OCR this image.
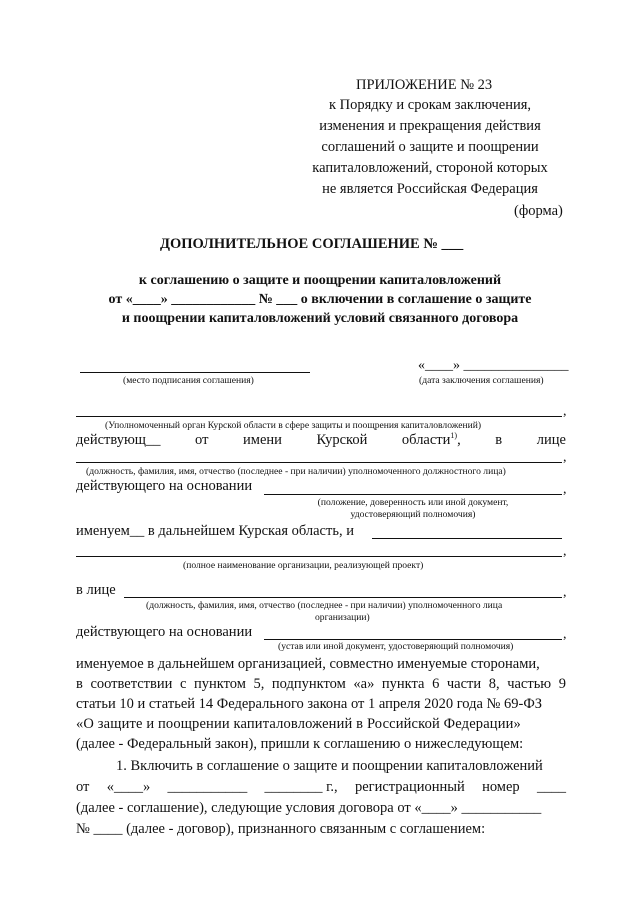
ПРИЛОЖЕНИЕ № 23
к Порядку и срокам заключения,
изменения и прекращения действия
соглашений о защите и поощрении
капиталовложений, стороной которых
не является Российская Федерация
(форма)
ДОПОЛНИТЕЛЬНОЕ СОГЛАШЕНИЕ № ___
к соглашению о защите и поощрении капиталовложений
от «____» ____________ № ___ о включении в соглашение о защите
и поощрении капиталовложений условий связанного договора
«____» _______________
(место подписания соглашения)	(дата заключения соглашения)
,
(Уполномоченный орган Курской области в сфере защиты и поощрения капиталовложений)
действующ__ от имени Курской области$^{1)}$, в лице
,
(должность, фамилия, имя, отчество (последнее - при наличии) уполномоченного должностного лица)
действующего на основании	,
(положение, доверенность или иной документ,
удостоверяющий полномочия)
именуем__ в дальнейшем Курская область, и
,
(полное наименование организации, реализующей проект)
в лице	,
(должность, фамилия, имя, отчество (последнее - при наличии) уполномоченного лица
организации)
действующего на основании	,
(устав или иной документ, удостоверяющий полномочия)
именуемое в дальнейшем организацией, совместно именуемые сторонами,
в соответствии с пунктом 5, подпунктом «а» пункта 6 части 8, частью 9
статьи 10 и статьей 14 Федерального закона от 1 апреля 2020 года № 69-ФЗ
«О защите и поощрении капиталовложений в Российской Федерации»
(далее - Федеральный закон), пришли к соглашению о нижеследующем:
1. Включить в соглашение о защите и поощрении капиталовложений
от «____» ___________ ________ г., регистрационный номер ____
(далее - соглашение), следующие условия договора от «____» ___________
№ ____ (далее - договор), признанного связанным с соглашением:
